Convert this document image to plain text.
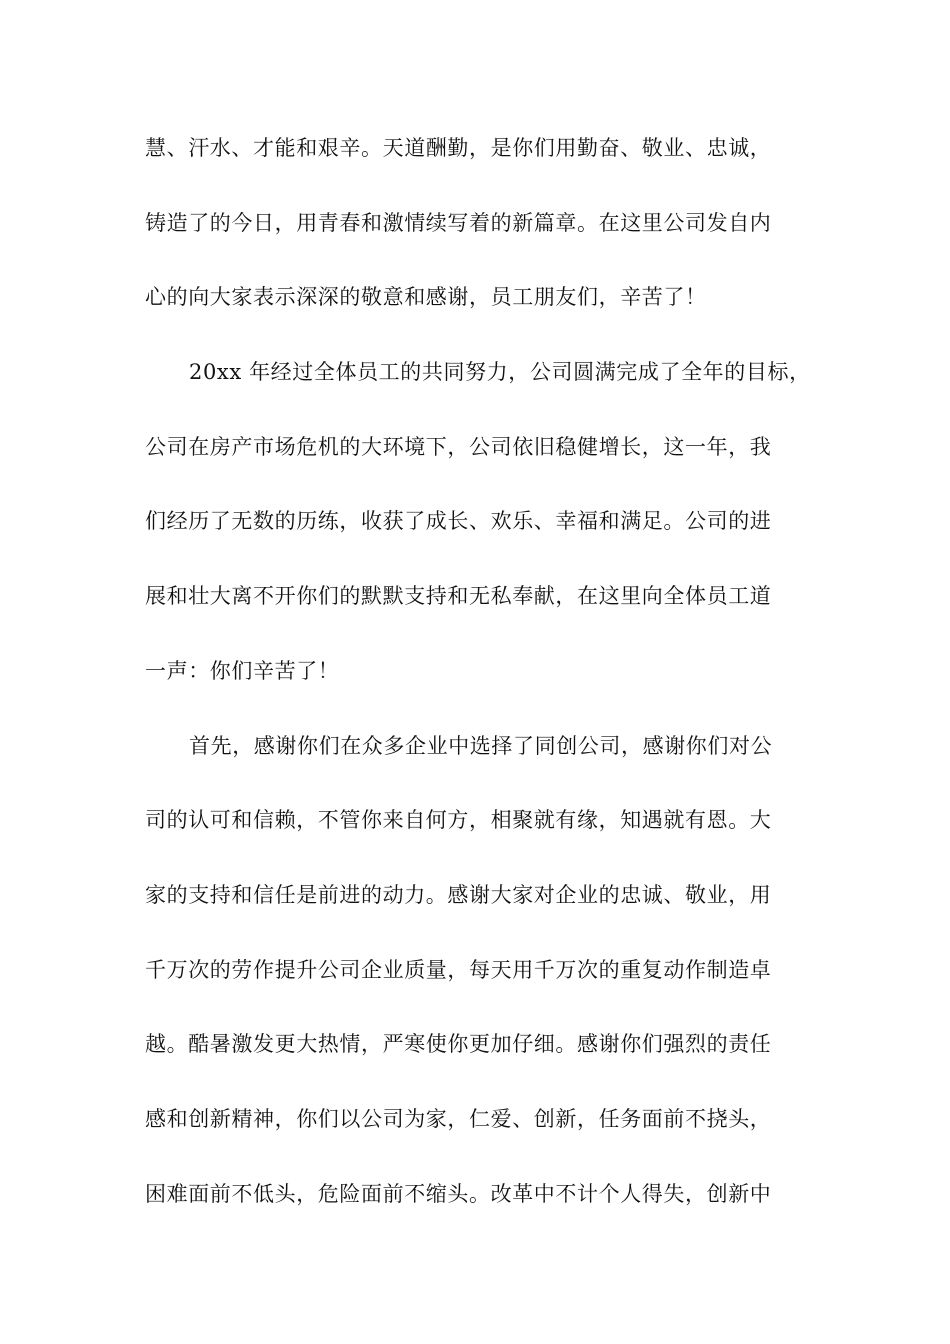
慧、汗水、才能和艰辛。天道酬勤，是你们用勤奋、敬业、忠诚，
铸造了的今日，用青春和激情续写着的新篇章。在这里公司发自内
心的向大家表示深深的敬意和感谢，员工朋友们，辛苦了！
20xx 年经过全体员工的共同努力，公司圆满完成了全年的目标，
公司在房产市场危机的大环境下，公司依旧稳健增长，这一年，我
们经历了无数的历练，收获了成长、欢乐、幸福和满足。公司的进
展和壮大离不开你们的默默支持和无私奉献，在这里向全体员工道
一声：你们辛苦了！
首先，感谢你们在众多企业中选择了同创公司，感谢你们对公
司的认可和信赖，不管你来自何方，相聚就有缘，知遇就有恩。大
家的支持和信任是前进的动力。感谢大家对企业的忠诚、敬业，用
千万次的劳作提升公司企业质量，每天用千万次的重复动作制造卓
越。酷暑激发更大热情，严寒使你更加仔细。感谢你们强烈的责任
感和创新精神，你们以公司为家，仁爱、创新，任务面前不挠头，
困难面前不低头，危险面前不缩头。改革中不计个人得失，创新中
